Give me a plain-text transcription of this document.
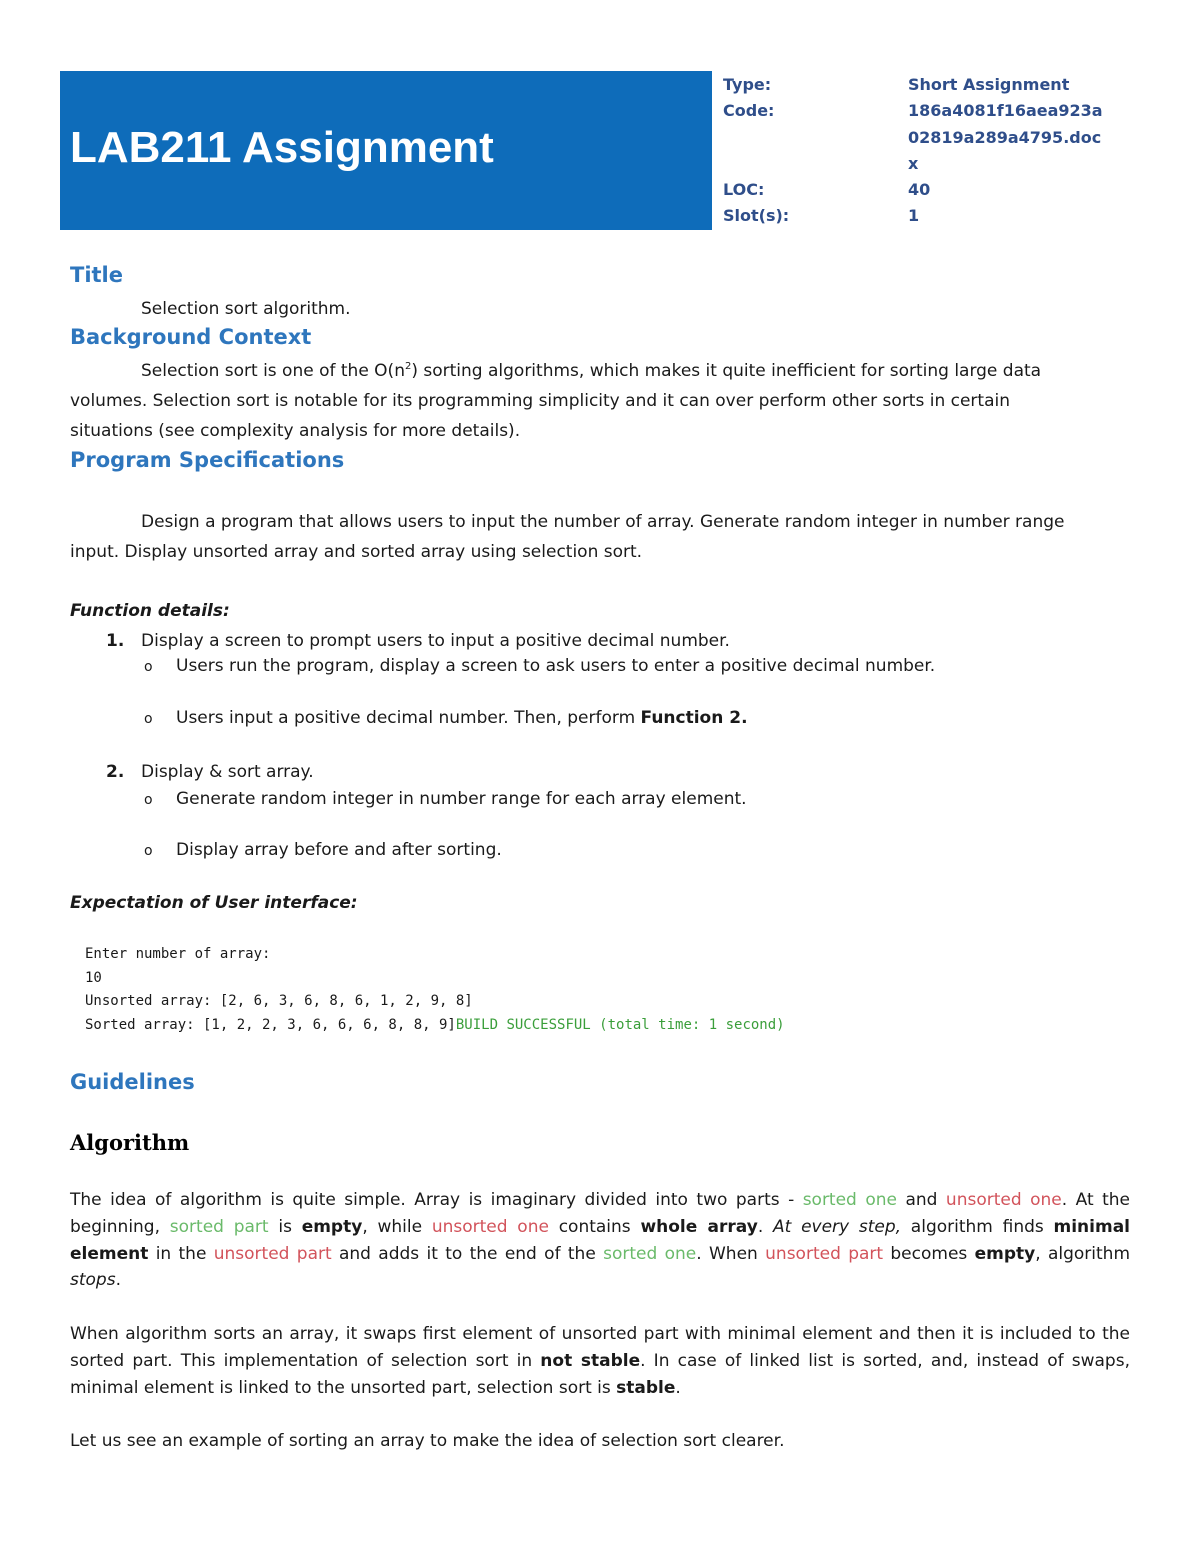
LAB211 Assignment
Type:
Code:
LOC:
Slot(s):
Short Assignment
186a4081f16aea923a
02819a289a4795.doc
x
40
1
Title
Selection sort algorithm.
Background Context
Selection sort is one of the $O(n^2)$ sorting algorithms, which makes it quite inefficient for sorting large data
volumes. Selection sort is notable for its programming simplicity and it can over perform other sorts in certain
situations (see complexity analysis for more details).
Program Specifications
Design a program that allows users to input the number of array. Generate random integer in number range
input. Display unsorted array and sorted array using selection sort.
Function details:
1. Display a screen to prompt users to input a positive decimal number.
o Users run the program, display a screen to ask users to enter a positive decimal number.
o Users input a positive decimal number. Then, perform Function 2.
2. Display & sort array.
o Generate random integer in number range for each array element.
o Display array before and after sorting.
Expectation of User interface:
Enter number of array:
10
Unsorted array: [2, 6, 3, 6, 8, 6, 1, 2, 9, 8]
Sorted array: [1, 2, 2, 3, 6, 6, 6, 8, 8, 9]BUILD SUCCESSFUL (total time: 1 second)
Guidelines
Algorithm
The idea of algorithm is quite simple. Array is imaginary divided into two parts - sorted one and unsorted one. At the beginning, sorted part is empty, while unsorted one contains whole array. At every step, algorithm finds minimal element in the unsorted part and adds it to the end of the sorted one. When unsorted part becomes empty, algorithm stops.
When algorithm sorts an array, it swaps first element of unsorted part with minimal element and then it is included to the sorted part. This implementation of selection sort in not stable. In case of linked list is sorted, and, instead of swaps, minimal element is linked to the unsorted part, selection sort is stable.
Let us see an example of sorting an array to make the idea of selection sort clearer.
